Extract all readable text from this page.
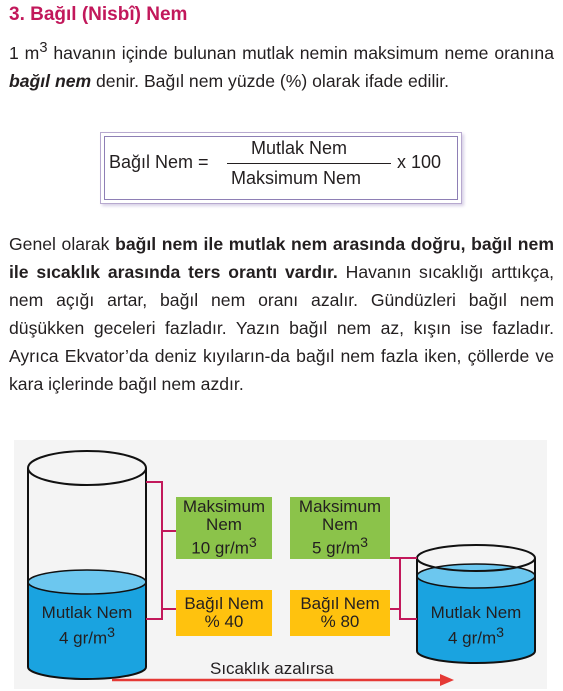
3. Bağıl (Nisbî) Nem
1 $m^3$ havanın içinde bulunan mutlak nemin maksimum neme oranına bağıl nem denir. Bağıl nem yüzde (%) olarak ifade edilir.
Bağıl Nem =
Mutlak Nem
Maksimum Nem
x 100
Genel olarak bağıl nem ile mutlak nem arasında doğru, bağıl nem ile sıcaklık arasında ters orantı vardır. Havanın sıcaklığı arttıkça, nem açığı artar, bağıl nem oranı azalır. Gündüzleri bağıl nem düşükken geceleri fazladır. Yazın bağıl nem az, kışın ise fazladır. Ayrıca Ekvator’da deniz kıyıların-da bağıl nem fazla iken, çöllerde ve kara içlerinde bağıl nem azdır.
Mutlak Nem
4 $gr/m^3$
Mutlak Nem
4 $gr/m^3$
Maksimum
Nem
10 $gr/m^3$
Maksimum
Nem
5 $gr/m^3$
Bağıl Nem
% 40
Bağıl Nem
% 80
Sıcaklık azalırsa
